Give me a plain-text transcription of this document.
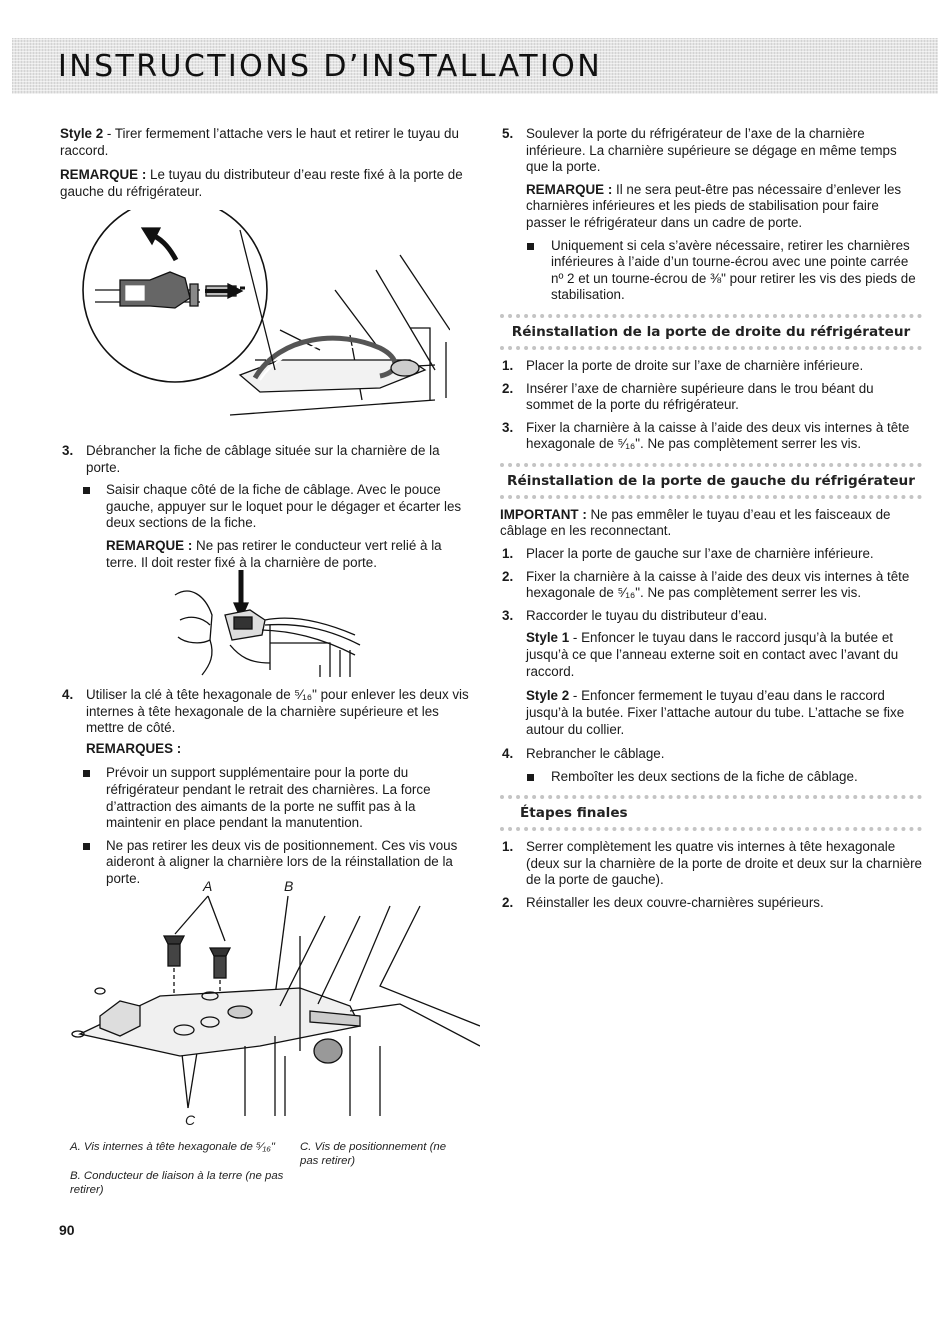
INSTRUCTIONS D’INSTALLATION

Style 2 - Tirer fermement l’attache vers le haut et retirer le tuyau du raccord.

REMARQUE : Le tuyau du distributeur d’eau reste fixé à la porte de gauche du réfrigérateur.

3. Débrancher la fiche de câblage située sur la charnière de la porte.
Saisir chaque côté de la fiche de câblage. Avec le pouce gauche, appuyer sur le loquet pour le dégager et écarter les deux sections de la fiche.
REMARQUE : Ne pas retirer le conducteur vert relié à la terre. Il doit rester fixé à la charnière de porte.
4. Utiliser la clé à tête hexagonale de ⁵⁄₁₆" pour enlever les deux vis internes à tête hexagonale de la charnière supérieure et les mettre de côté.
REMARQUES :
Prévoir un support supplémentaire pour la porte du réfrigérateur pendant le retrait des charnières. La force d’attraction des aimants de la porte ne suffit pas à la maintenir en place pendant la manutention.
Ne pas retirer les deux vis de positionnement. Ces vis vous aideront à aligner la charnière lors de la réinstallation de la porte.	A	B
C
A. Vis internes à tête hexagonale de ⁵⁄₁₆"
B. Conducteur de liaison à la terre (ne pas retirer)
C. Vis de positionnement (ne pas retirer)
5. Soulever la porte du réfrigérateur de l’axe de la charnière inférieure. La charnière supérieure se dégage en même temps que la porte.
REMARQUE : Il ne sera peut-être pas nécessaire d’enlever les charnières inférieures et les pieds de stabilisation pour faire passer le réfrigérateur dans un cadre de porte.
Uniquement si cela s’avère nécessaire, retirer les charnières inférieures à l’aide d’un tourne-écrou avec une pointe carrée nº 2 et un tourne-écrou de ⅜" pour retirer les vis des pieds de stabilisation.
Réinstallation de la porte de droite du réfrigérateur
1. Placer la porte de droite sur l’axe de charnière inférieure.
2. Insérer l’axe de charnière supérieure dans le trou béant du sommet de la porte du réfrigérateur.
3. Fixer la charnière à la caisse à l’aide des deux vis internes à tête hexagonale de ⁵⁄₁₆". Ne pas complètement serrer les vis.
Réinstallation de la porte de gauche du réfrigérateur

IMPORTANT : Ne pas emmêler le tuyau d’eau et les faisceaux de câblage en les reconnectant.

1. Placer la porte de gauche sur l’axe de charnière inférieure.
2. Fixer la charnière à la caisse à l’aide des deux vis internes à tête hexagonale de ⁵⁄₁₆". Ne pas complètement serrer les vis.
3. Raccorder le tuyau du distributeur d’eau.
Style 1 - Enfoncer le tuyau dans le raccord jusqu’à la butée et jusqu’à ce que l’anneau externe soit en contact avec l’avant du raccord.
Style 2 - Enfoncer fermement le tuyau d’eau dans le raccord jusqu’à la butée. Fixer l’attache autour du tube. L’attache se fixe autour du collier.
4. Rebrancher le câblage.
Remboîter les deux sections de la fiche de câblage.
Étapes finales
1. Serrer complètement les quatre vis internes à tête hexagonale (deux sur la charnière de la porte de droite et deux sur la charnière de la porte de gauche).
2. Réinstaller les deux couvre-charnières supérieurs.
90
